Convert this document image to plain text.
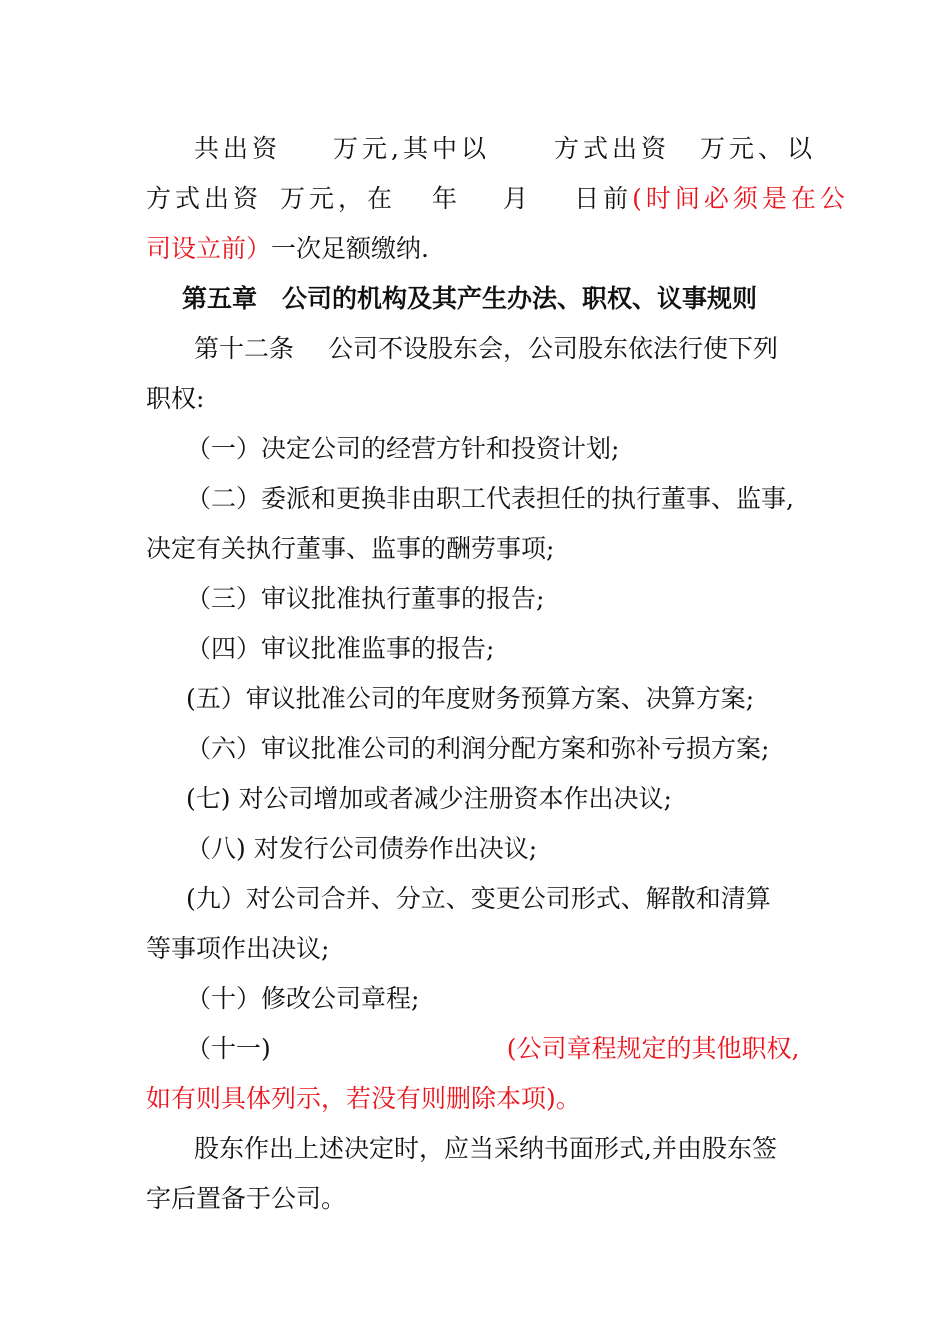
共出资 万元,其中以	方式出资 万元、以
方式出资 万元，在 年 月 日前(时间必须是在公
司设立前）一次足额缴纳.
第五章　公司的机构及其产生办法、职权、议事规则
第十二条 公司不设股东会，公司股东依法行使下列
职权:
（一）决定公司的经营方针和投资计划;
（二）委派和更换非由职工代表担任的执行董事、监事,
决定有关执行董事、监事的酬劳事项;
（三）审议批准执行董事的报告;
（四）审议批准监事的报告;
(五）审议批准公司的年度财务预算方案、决算方案;
（六）审议批准公司的利润分配方案和弥补亏损方案;
(七) 对公司增加或者减少注册资本作出决议;
（八) 对发行公司债券作出决议;
(九）对公司合并、分立、变更公司形式、解散和清算
等事项作出决议;
（十）修改公司章程;
（十一)	(公司章程规定的其他职权,
如有则具体列示，若没有则删除本项)。
股东作出上述决定时，应当采纳书面形式,并由股东签
字后置备于公司。
